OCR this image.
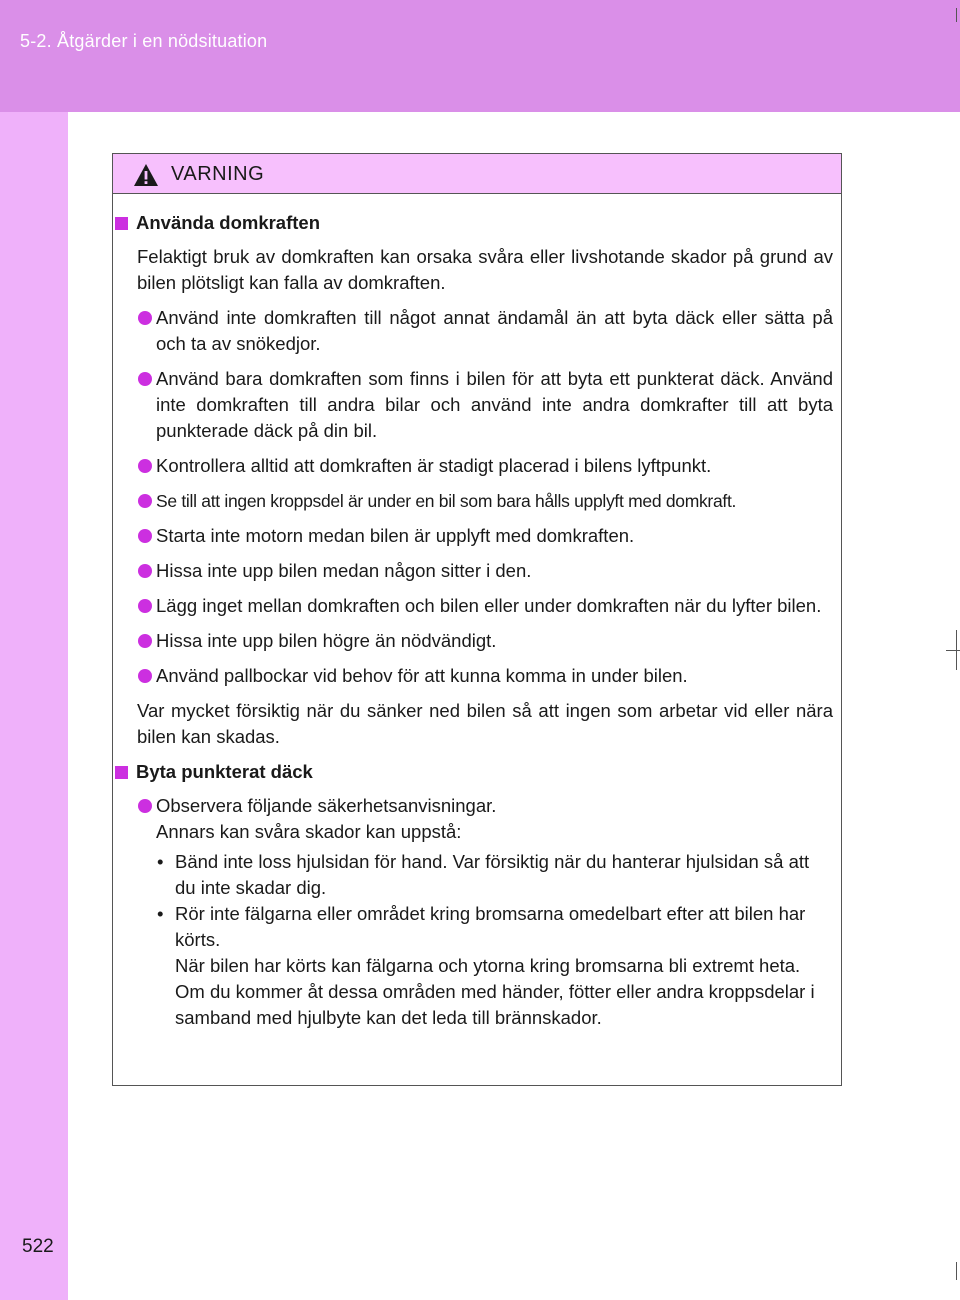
5-2. Åtgärder i en nödsituation
522
VARNING
Använda domkraften
Felaktigt bruk av domkraften kan orsaka svåra eller livshotande skador på grund av bilen plötsligt kan falla av domkraften.
Använd inte domkraften till något annat ändamål än att byta däck eller sätta på och ta av snökedjor.
Använd bara domkraften som finns i bilen för att byta ett punkterat däck. Använd inte domkraften till andra bilar och använd inte andra domkrafter till att byta punkterade däck på din bil.
Kontrollera alltid att domkraften är stadigt placerad i bilens lyftpunkt.
Se till att ingen kroppsdel är under en bil som bara hålls upplyft med domkraft.
Starta inte motorn medan bilen är upplyft med domkraften.
Hissa inte upp bilen medan någon sitter i den.
Lägg inget mellan domkraften och bilen eller under domkraften när du lyfter bilen.
Hissa inte upp bilen högre än nödvändigt.
Använd pallbockar vid behov för att kunna komma in under bilen.
Var mycket försiktig när du sänker ned bilen så att ingen som arbetar vid eller nära bilen kan skadas.
Byta punkterat däck
Observera följande säkerhetsanvisningar.
Annars kan svåra skador kan uppstå:
• Bänd inte loss hjulsidan för hand. Var försiktig när du hanterar hjulsidan så att du inte skadar dig.
• Rör inte fälgarna eller området kring bromsarna omedelbart efter att bilen har körts.
När bilen har körts kan fälgarna och ytorna kring bromsarna bli extremt heta. Om du kommer åt dessa områden med händer, fötter eller andra kroppsdelar i samband med hjulbyte kan det leda till brännskador.
